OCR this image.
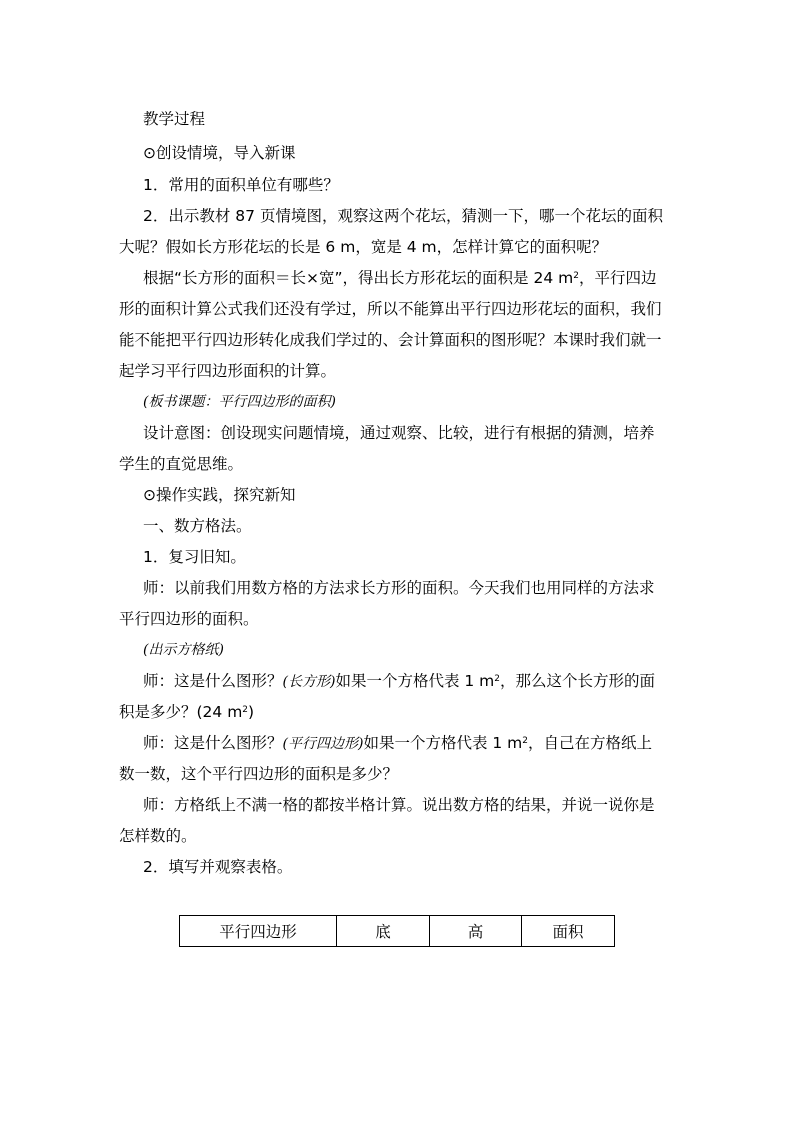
教学过程
⊙创设情境，导入新课
1．常用的面积单位有哪些？
2．出示教材 87 页情境图，观察这两个花坛，猜测一下，哪一个花坛的面积
大呢？假如长方形花坛的长是 6 m，宽是 4 m，怎样计算它的面积呢？
根据“长方形的面积＝长×宽”，得出长方形花坛的面积是 24 $m^2$，平行四边
形的面积计算公式我们还没有学过，所以不能算出平行四边形花坛的面积，我们
能不能把平行四边形转化成我们学过的、会计算面积的图形呢？本课时我们就一
起学习平行四边形面积的计算。
(板书课题：平行四边形的面积)
设计意图：创设现实问题情境，通过观察、比较，进行有根据的猜测，培养
学生的直觉思维。
⊙操作实践，探究新知
一、数方格法。
1．复习旧知。
师：以前我们用数方格的方法求长方形的面积。今天我们也用同样的方法求
平行四边形的面积。
(出示方格纸)
师：这是什么图形？(长方形)如果一个方格代表 1 $m^2$，那么这个长方形的面
积是多少？(24 $m^2$)
师：这是什么图形？(平行四边形)如果一个方格代表 1 $m^2$，自己在方格纸上
数一数，这个平行四边形的面积是多少？
师：方格纸上不满一格的都按半格计算。说出数方格的结果，并说一说你是
怎样数的。
2．填写并观察表格。
平行四边形	底	高	面积
